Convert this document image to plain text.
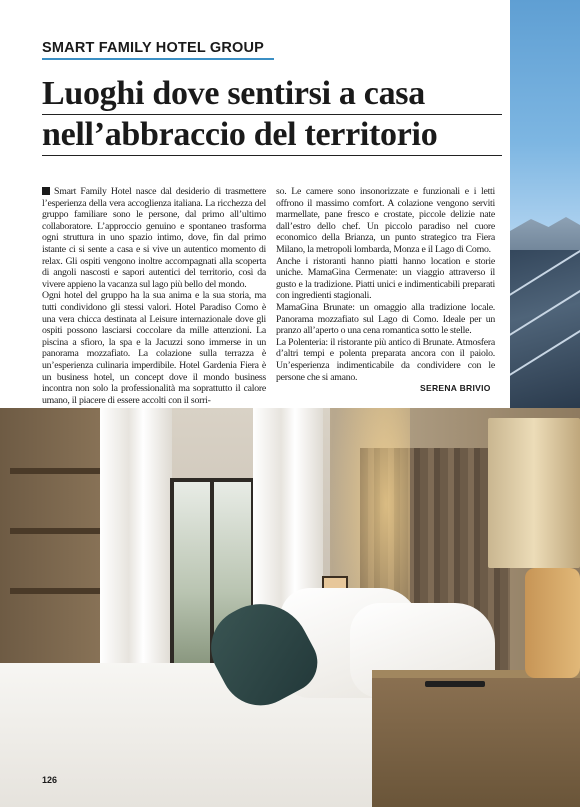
SMART FAMILY HOTEL GROUP
Luoghi dove sentirsi a casa
nell’abbraccio del territorio

Smart Family Hotel nasce dal desiderio di trasmettere l’esperienza della vera accoglienza italiana. La ricchezza del gruppo familiare sono le persone, dal primo all’ultimo collaboratore. L’approccio genuino e spontaneo trasforma ogni struttura in uno spazio intimo, dove, fin dal primo istante ci si sente a casa e si vive un autentico momento di relax. Gli ospiti vengono inoltre accompagnati alla scoperta di angoli nascosti e sapori autentici del territorio, così da vivere appieno la vacanza sul lago più bello del mondo.

Ogni hotel del gruppo ha la sua anima e la sua storia, ma tutti condividono gli stessi valori. Hotel Paradiso Como è una vera chicca destinata al Leisure internazionale dove gli ospiti possono lasciarsi coccolare da mille attenzioni. La piscina a sfioro, la spa e la Jacuzzi sono immerse in un panorama mozzafiato. La colazione sulla terrazza è un’esperienza culinaria imperdibile. Hotel Gardenia Fiera è un business hotel, un concept dove il mondo business incontra non solo la professionalità ma soprattutto il calore umano, il piacere di essere accolti con il sorri-

so. Le camere sono insonorizzate e funzionali e i letti offrono il massimo comfort. A colazione vengono serviti marmellate, pane fresco e crostate, piccole delizie nate dall’estro dello chef. Un piccolo paradiso nel cuore economico della Brianza, un punto strategico tra Fiera Milano, la metropoli lombarda, Monza e il Lago di Como.

Anche i ristoranti hanno piatti hanno location e storie uniche. MamaGina Cermenate: un viaggio attraverso il gusto e la tradizione. Piatti unici e indimenticabili preparati con ingredienti stagionali.

MamaGina Brunate: un omaggio alla tradizione locale. Panorama mozzafiato sul Lago di Como. Ideale per un pranzo all’aperto o una cena romantica sotto le stelle.

La Polenteria: il ristorante più antico di Brunate. Atmosfera d’altri tempi e polenta preparata ancora con il paiolo. Un’esperienza indimenticabile da condividere con le persone che si amano.

SERENA BRIVIO
126
